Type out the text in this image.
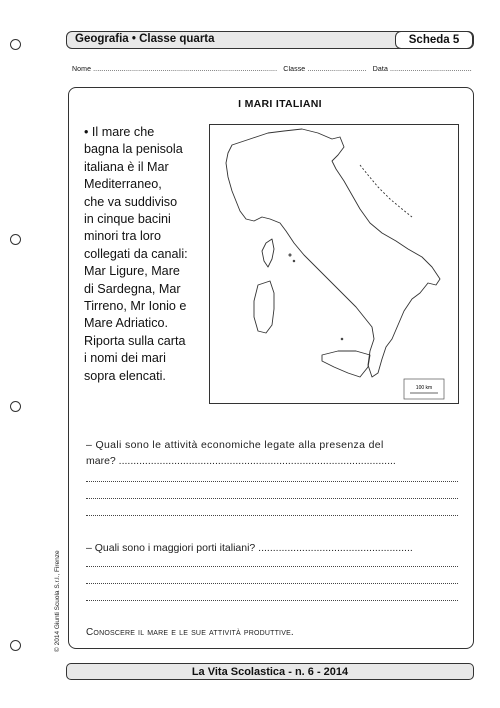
Geografia • Classe quarta	Scheda 5
Nome .......................................................................................... Classe ............................. Data ........................................
I MARI ITALIANI
• Il mare che
bagna la penisola
italiana è il Mar
Mediterraneo,
che va suddiviso
in cinque bacini
minori tra loro
collegati da canali:
Mar Ligure, Mare
di Sardegna, Mar
Tirreno, Mr Ionio e
Mare Adriatico.
Riporta sulla carta
i nomi dei mari
sopra elencati.
100 km
– Quali sono le attività economiche legate alla presenza del
mare? ...............................................................................................
– Quali sono i maggiori porti italiani? .....................................................
Conoscere il mare e le sue attività produttive.
© 2014 Giunti Scuola S.r.l., Firenze
La Vita Scolastica - n. 6 - 2014
